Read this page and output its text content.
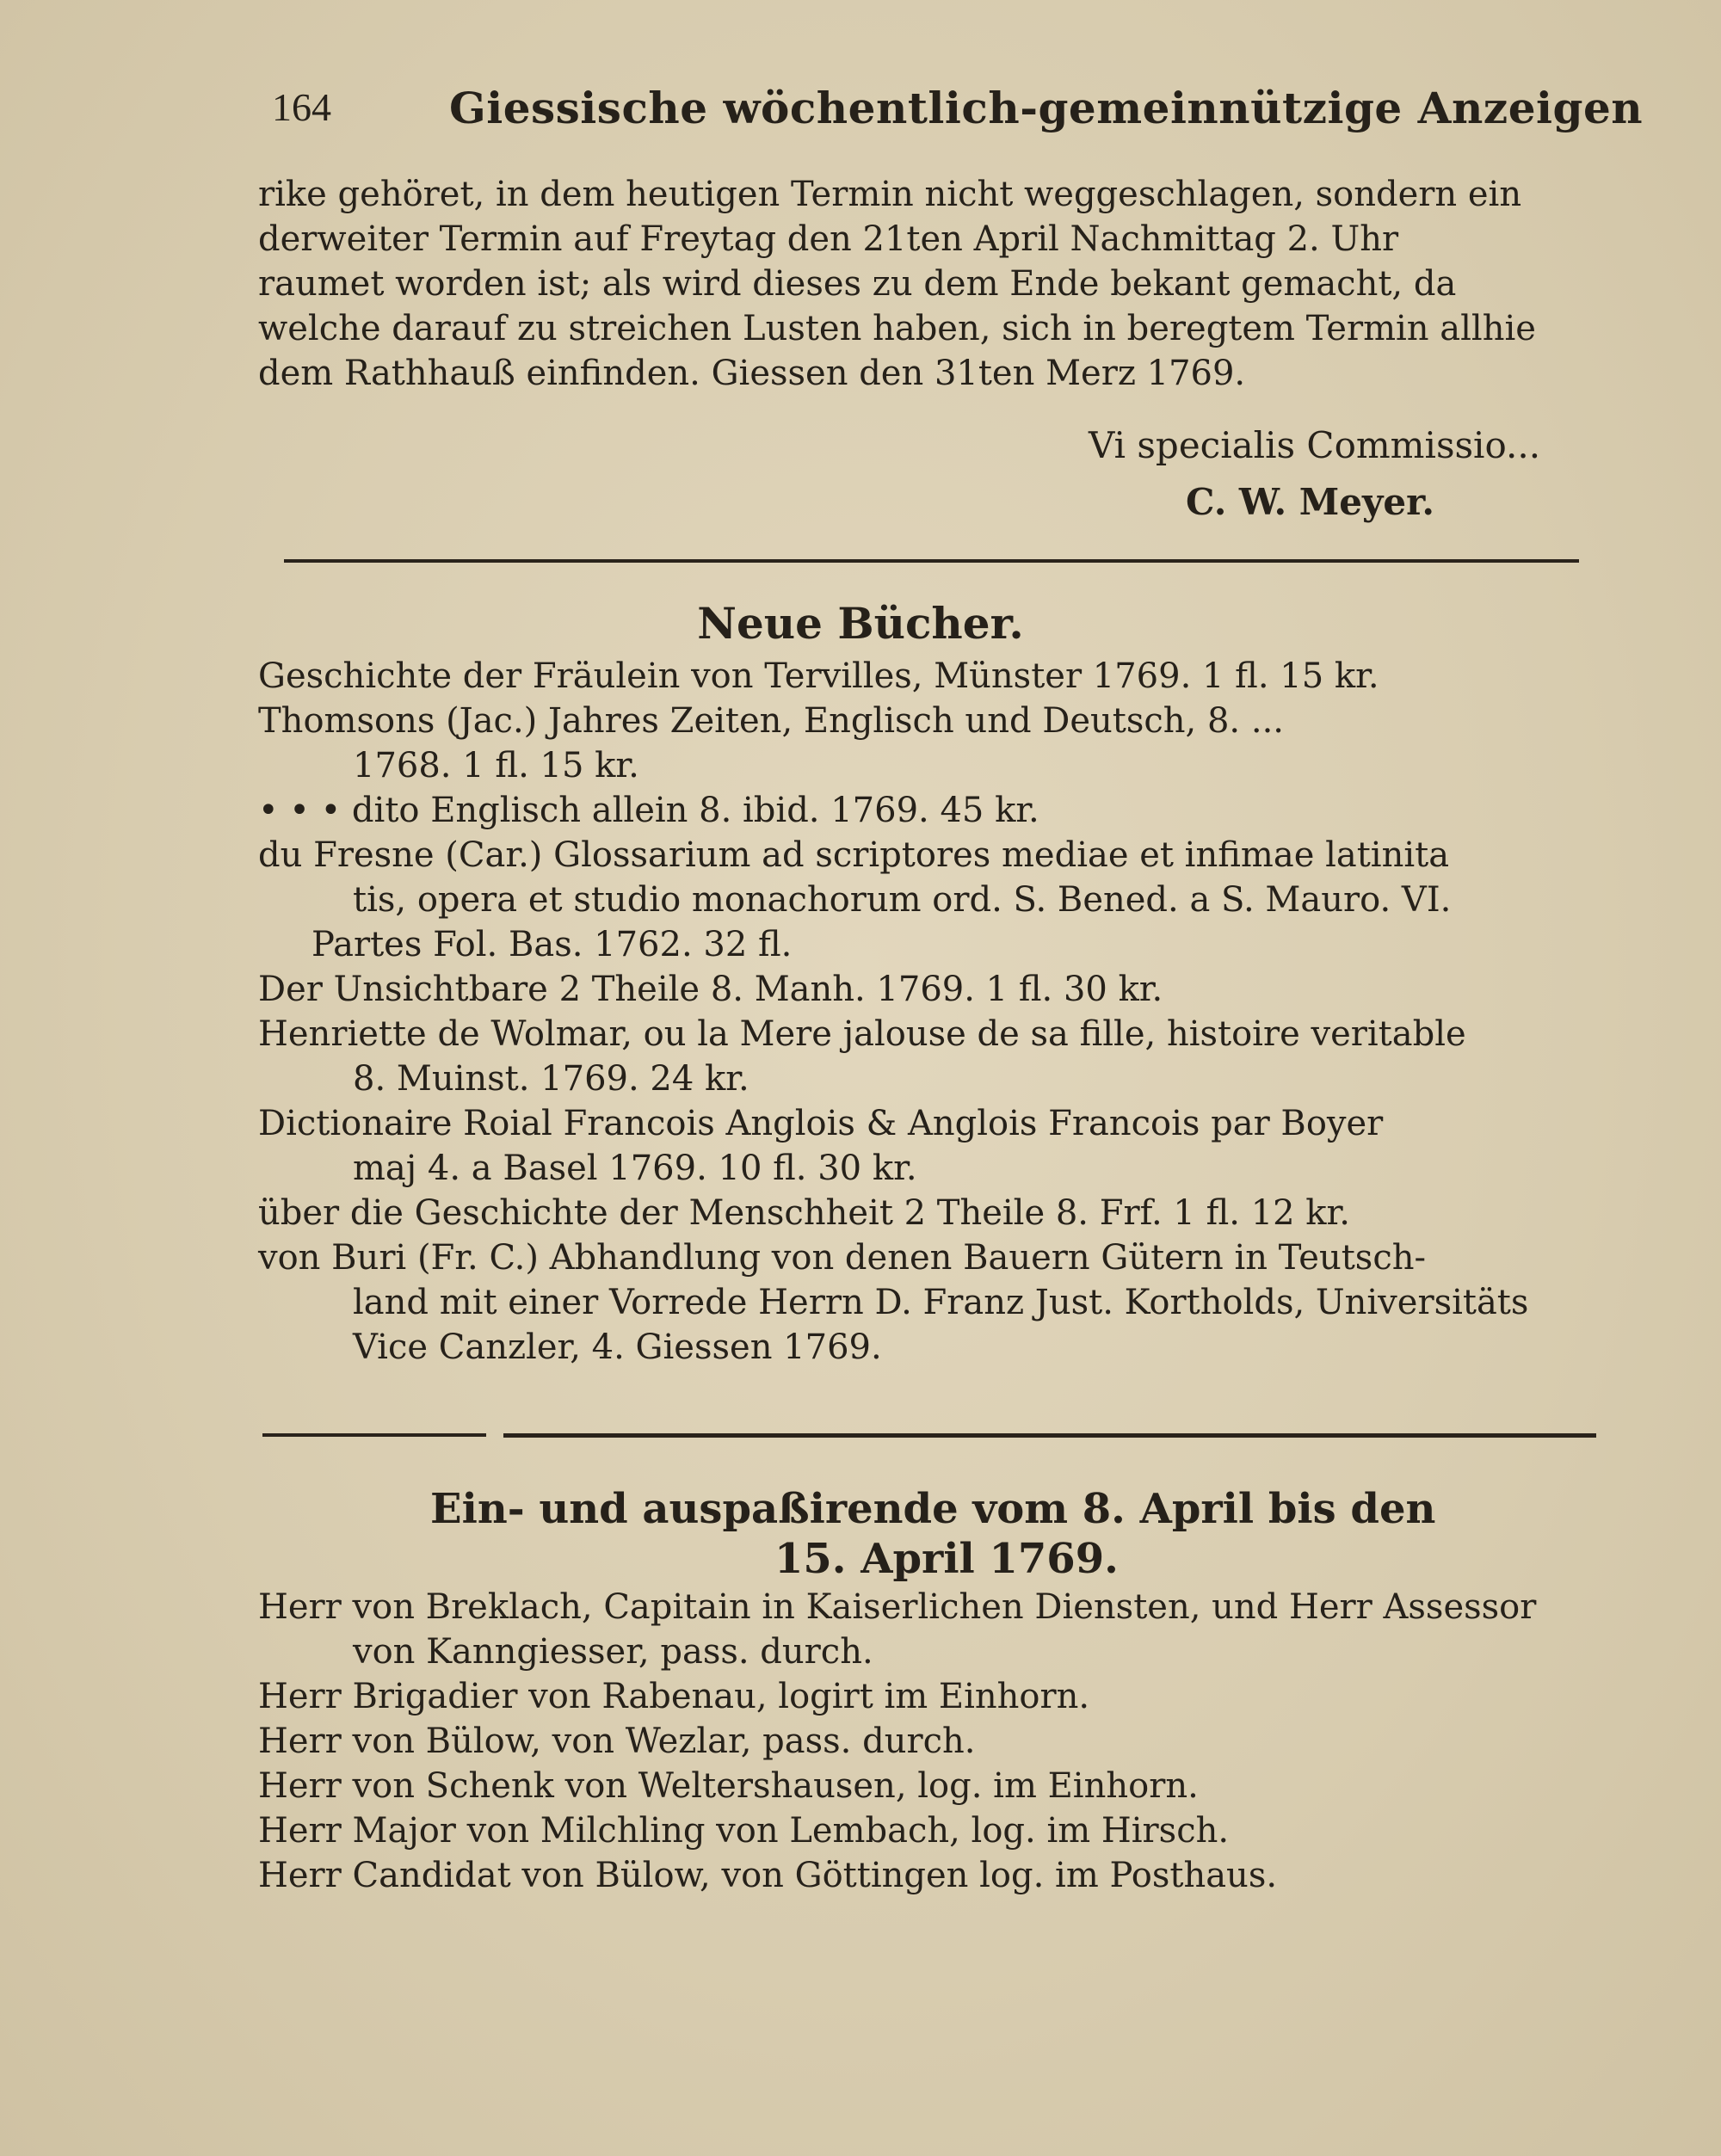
164	Giessische wöchentlich-gemeinnützige Anzeigen
rike gehöret, in dem heutigen Termin nicht weggeschlagen, sondern ein
derweiter Termin auf Freytag den 21ten April Nachmittag 2. Uhr
raumet worden ist; als wird dieses zu dem Ende bekant gemacht, da
welche darauf zu streichen Lusten haben, sich in beregtem Termin allhie
dem Rathhauß einfinden. Giessen den 31ten Merz 1769.
Vi specialis Commissio...
C. W. Meyer.
Neue Bücher.
Geschichte der Fräulein von Tervilles, Münster 1769. 1 fl. 15 kr.
Thomsons (Jac.) Jahres Zeiten, Englisch und Deutsch, 8. ...
1768. 1 fl. 15 kr.
• • • dito Englisch allein 8. ibid. 1769. 45 kr.
du Fresne (Car.) Glossarium ad scriptores mediae et infimae latinita
tis, opera et studio monachorum ord. S. Bened. a S. Mauro. VI.
Partes Fol. Bas. 1762. 32 fl.
Der Unsichtbare 2 Theile 8. Manh. 1769. 1 fl. 30 kr.
Henriette de Wolmar, ou la Mere jalouse de sa fille, histoire veritable
8. Muinst. 1769. 24 kr.
Dictionaire Roial Francois Anglois & Anglois Francois par Boyer
maj 4. a Basel 1769. 10 fl. 30 kr.
über die Geschichte der Menschheit 2 Theile 8. Frf. 1 fl. 12 kr.
von Buri (Fr. C.) Abhandlung von denen Bauern Gütern in Teutsch-
land mit einer Vorrede Herrn D. Franz Just. Kortholds, Universitäts
Vice Canzler, 4. Giessen 1769.
Ein- und auspaßirende vom 8. April bis den
15. April 1769.
Herr von Breklach, Capitain in Kaiserlichen Diensten, und Herr Assessor
von Kanngiesser, pass. durch.
Herr Brigadier von Rabenau, logirt im Einhorn.
Herr von Bülow, von Wezlar, pass. durch.
Herr von Schenk von Weltershausen, log. im Einhorn.
Herr Major von Milchling von Lembach, log. im Hirsch.
Herr Candidat von Bülow, von Göttingen log. im Posthaus.
